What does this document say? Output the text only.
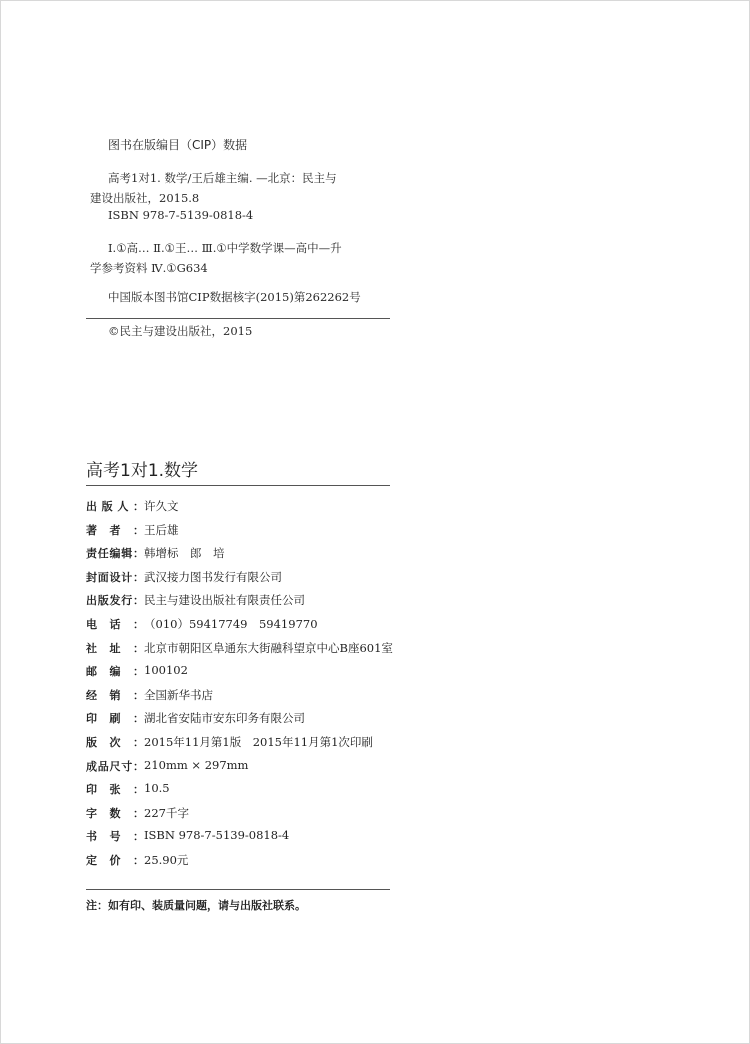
图书在版编目（CIP）数据
高考1对1. 数学/王后雄主编. —北京：民主与
建设出版社，2015.8
ISBN 978-7-5139-0818-4
Ⅰ.①高… Ⅱ.①王… Ⅲ.①中学数学课—高中—升
学参考资料 Ⅳ.①G634
中国版本图书馆CIP数据核字(2015)第262262号
©民主与建设出版社，2015
高考1对1.数学
出 版 人 ： 许久文
著 者 ： 王后雄
责 任 编 辑 ： 韩增标　郎　培
封 面 设 计 ： 武汉接力图书发行有限公司
出 版 发 行 ： 民主与建设出版社有限责任公司
电 话 ： （010）59417749　59419770
社 址 ： 北京市朝阳区阜通东大街融科望京中心B座601室
邮 编 ： 100102
经 销 ： 全国新华书店
印 刷 ： 湖北省安陆市安东印务有限公司
版 次 ： 2015年11月第1版　2015年11月第1次印刷
成 品 尺 寸 ： 210mm × 297mm
印 张 ： 10.5
字 数 ： 227千字
书 号 ： ISBN 978-7-5139-0818-4
定 价 ： 25.90元
注：如有印、装质量问题，请与出版社联系。
